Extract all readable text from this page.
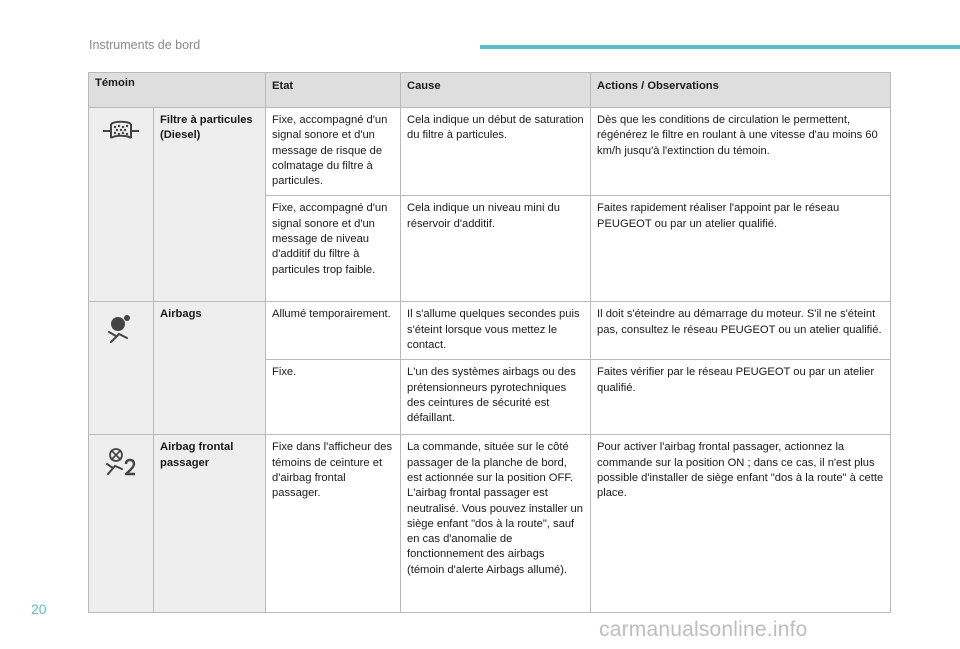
Instruments de bord
Témoin		Etat	Cause	Actions / Observations

	Filtre à particules (Diesel)	Fixe, accompagné d'un signal sonore et d'un message de risque de colmatage du filtre à particules.	Cela indique un début de saturation du filtre à particules.	Dès que les conditions de circulation le permettent, régénérez le filtre en roulant à une vitesse d'au moins 60 km/h jusqu'à l'extinction du témoin.
		Fixe, accompagné d'un signal sonore et d'un message de niveau d'additif du filtre à particules trop faible.	Cela indique un niveau mini du réservoir d'additif.	Faites rapidement réaliser l'appoint par le réseau PEUGEOT ou par un atelier qualifié.

	Airbags	Allumé temporairement.	Il s'allume quelques secondes puis s'éteint lorsque vous mettez le contact.	Il doit s'éteindre au démarrage du moteur. S'il ne s'éteint pas, consultez le réseau PEUGEOT ou un atelier qualifié.
		Fixe.	L'un des systèmes airbags ou des prétensionneurs pyrotechniques des ceintures de sécurité est défaillant.	Faites vérifier par le réseau PEUGEOT ou par un atelier qualifié.

	Airbag frontal passager	Fixe dans l'afficheur des témoins de ceinture et d'airbag frontal passager.	La commande, située sur le côté passager de la planche de bord, est actionnée sur la position OFF. L'airbag frontal passager est neutralisé. Vous pouvez installer un siège enfant "dos à la route", sauf en cas d'anomalie de fonctionnement des airbags (témoin d'alerte Airbags allumé).	Pour activer l'airbag frontal passager, actionnez la commande sur la position ON ; dans ce cas, il n'est plus possible d'installer de siège enfant "dos à la route" à cette place.
20
carmanualsonline.info
